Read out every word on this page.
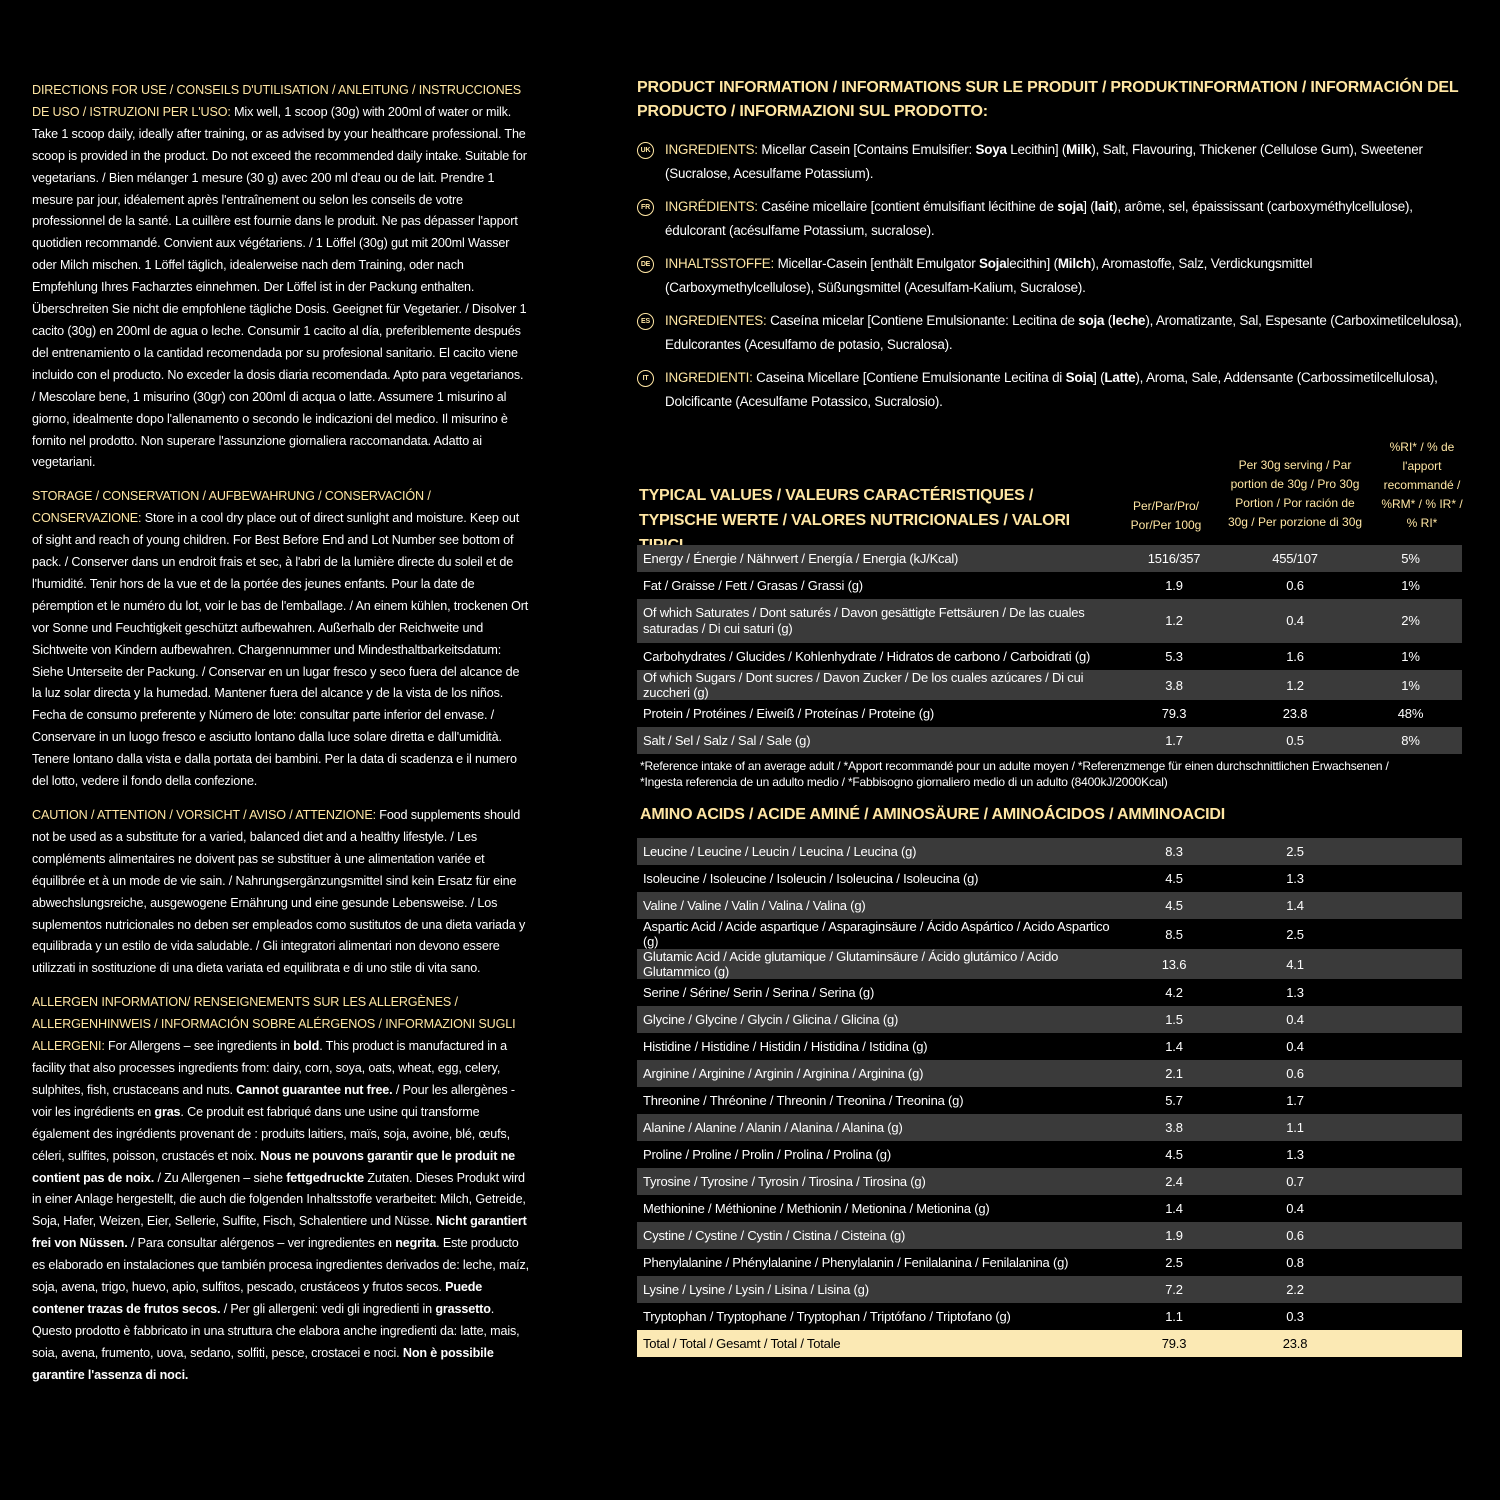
DIRECTIONS FOR USE / CONSEILS D'UTILISATION / ANLEITUNG / INSTRUCCIONES DE USO / ISTRUZIONI PER L'USO: Mix well, 1 scoop (30g) with 200ml of water or milk. Take 1 scoop daily, ideally after training, or as advised by your healthcare professional. The scoop is provided in the product. Do not exceed the recommended daily intake. Suitable for vegetarians. / Bien mélanger 1 mesure (30 g) avec 200 ml d'eau ou de lait. Prendre 1 mesure par jour, idéalement après l'entraînement ou selon les conseils de votre professionnel de la santé. La cuillère est fournie dans le produit. Ne pas dépasser l'apport quotidien recommandé. Convient aux végétariens. / 1 Löffel (30g) gut mit 200ml Wasser oder Milch mischen. 1 Löffel täglich, idealerweise nach dem Training, oder nach Empfehlung Ihres Facharztes einnehmen. Der Löffel ist in der Packung enthalten. Überschreiten Sie nicht die empfohlene tägliche Dosis. Geeignet für Vegetarier. / Disolver 1 cacito (30g) en 200ml de agua o leche. Consumir 1 cacito al día, preferiblemente después del entrenamiento o la cantidad recomendada por su profesional sanitario. El cacito viene incluido con el producto. No exceder la dosis diaria recomendada. Apto para vegetarianos. / Mescolare bene, 1 misurino (30gr) con 200ml di acqua o latte. Assumere 1 misurino al giorno, idealmente dopo l'allenamento o secondo le indicazioni del medico. Il misurino è fornito nel prodotto. Non superare l'assunzione giornaliera raccomandata. Adatto ai vegetariani.

STORAGE / CONSERVATION / AUFBEWAHRUNG / CONSERVACIÓN / CONSERVAZIONE: Store in a cool dry place out of direct sunlight and moisture. Keep out of sight and reach of young children. For Best Before End and Lot Number see bottom of pack. / Conserver dans un endroit frais et sec, à l'abri de la lumière directe du soleil et de l'humidité. Tenir hors de la vue et de la portée des jeunes enfants. Pour la date de péremption et le numéro du lot, voir le bas de l'emballage. / An einem kühlen, trockenen Ort vor Sonne und Feuchtigkeit geschützt aufbewahren. Außerhalb der Reichweite und Sichtweite von Kindern aufbewahren. Chargennummer und Mindesthaltbarkeitsdatum: Siehe Unterseite der Packung. / Conservar en un lugar fresco y seco fuera del alcance de la luz solar directa y la humedad. Mantener fuera del alcance y de la vista de los niños. Fecha de consumo preferente y Número de lote: consultar parte inferior del envase. / Conservare in un luogo fresco e asciutto lontano dalla luce solare diretta e dall'umidità. Tenere lontano dalla vista e dalla portata dei bambini. Per la data di scadenza e il numero del lotto, vedere il fondo della confezione.

CAUTION / ATTENTION / VORSICHT / AVISO / ATTENZIONE: Food supplements should not be used as a substitute for a varied, balanced diet and a healthy lifestyle. / Les compléments alimentaires ne doivent pas se substituer à une alimentation variée et équilibrée et à un mode de vie sain. / Nahrungsergänzungsmittel sind kein Ersatz für eine abwechslungsreiche, ausgewogene Ernährung und eine gesunde Lebensweise. / Los suplementos nutricionales no deben ser empleados como sustitutos de una dieta variada y equilibrada y un estilo de vida saludable. / Gli integratori alimentari non devono essere utilizzati in sostituzione di una dieta variata ed equilibrata e di uno stile di vita sano.

ALLERGEN INFORMATION/ RENSEIGNEMENTS SUR LES ALLERGÈNES / ALLERGENHINWEIS / INFORMACIÓN SOBRE ALÉRGENOS / INFORMAZIONI SUGLI ALLERGENI: For Allergens – see ingredients in bold. This product is manufactured in a facility that also processes ingredients from: dairy, corn, soya, oats, wheat, egg, celery, sulphites, fish, crustaceans and nuts. Cannot guarantee nut free. / Pour les allergènes - voir les ingrédients en gras. Ce produit est fabriqué dans une usine qui transforme également des ingrédients provenant de : produits laitiers, maïs, soja, avoine, blé, œufs, céleri, sulfites, poisson, crustacés et noix. Nous ne pouvons garantir que le produit ne contient pas de noix. / Zu Allergenen – siehe fettgedruckte Zutaten. Dieses Produkt wird in einer Anlage hergestellt, die auch die folgenden Inhaltsstoffe verarbeitet: Milch, Getreide, Soja, Hafer, Weizen, Eier, Sellerie, Sulfite, Fisch, Schalentiere und Nüsse. Nicht garantiert frei von Nüssen. / Para consultar alérgenos – ver ingredientes en negrita. Este producto es elaborado en instalaciones que también procesa ingredientes derivados de: leche, maíz, soja, avena, trigo, huevo, apio, sulfitos, pescado, crustáceos y frutos secos. Puede contener trazas de frutos secos. / Per gli allergeni: vedi gli ingredienti in grassetto. Questo prodotto è fabbricato in una struttura che elabora anche ingredienti da: latte, mais, soia, avena, frumento, uova, sedano, solfiti, pesce, crostacei e noci. Non è possibile garantire l'assenza di noci.

PRODUCT INFORMATION / INFORMATIONS SUR LE PRODUIT / PRODUKTINFORMATION / INFORMACIÓN DEL PRODUCTO / INFORMAZIONI SUL PRODOTTO:
UK INGREDIENTS: Micellar Casein [Contains Emulsifier: Soya Lecithin] (Milk), Salt, Flavouring, Thickener (Cellulose Gum), Sweetener (Sucralose, Acesulfame Potassium).
FR	INGRÉDIENTS: Caséine micellaire [contient émulsifiant lécithine de soja] (lait), arôme, sel, épaississant (carboxyméthylcellulose), édulcorant (acésulfame Potassium, sucralose).
DE INHALTSSTOFFE: Micellar-Casein [enthält Emulgator Sojalecithin] (Milch), Aromastoffe, Salz, Verdickungsmittel (Carboxymethylcellulose), Süßungsmittel (Acesulfam-Kalium, Sucralose).
ES	INGREDIENTES: Caseína micelar [Contiene Emulsionante: Lecitina de soja (leche), Aromatizante, Sal, Espesante (Carboximetilcelulosa), Edulcorantes (Acesulfamo de potasio, Sucralosa).
IT	INGREDIENTI: Caseina Micellare [Contiene Emulsionante Lecitina di Soia] (Latte), Aroma, Sale, Addensante (Carbossimetilcellulosa), Dolcificante (Acesulfame Potassico, Sucralosio).
TYPICAL VALUES / VALEURS CARACTÉRISTIQUES / TYPISCHE WERTE / VALORES NUTRICIONALES / VALORI
Per/Par/Pro/ Por/Per 100g
Per 30g serving / Par portion de 30g / Pro 30g Portion / Por ración de 30g / Per porzione di 30g
%RI* / % de l'apport recommandé / %RM* / % IR* / % RI*
Energy / Énergie / Nährwert / Energía / Energia (kJ/Kcal)	1516/357	455/107	5%
Fat / Graisse / Fett / Grasas / Grassi (g)	1.9	0.6	1%
Of which Saturates / Dont saturés / Davon gesättigte Fettsäuren / De las cuales saturadas / Di cui saturi (g)	1.2	0.4	2%
Carbohydrates / Glucides / Kohlenhydrate / Hidratos de carbono / Carboidrati (g)	5.3	1.6	1%
Of which Sugars / Dont sucres / Davon Zucker / De los cuales azúcares / Di cui zuccheri (g)	3.8	1.2	1%
Protein / Protéines / Eiweiß / Proteínas / Proteine (g)	79.3	23.8	48%
Salt / Sel / Salz / Sal / Sale (g)	1.7	0.5	8%
*Reference intake of an average adult / *Apport recommandé pour un adulte moyen / *Referenzmenge für einen durchschnittlichen Erwachsenen / *Ingesta referencia de un adulto medio / *Fabbisogno giornaliero medio di un adulto (8400kJ/2000Kcal)
AMINO ACIDS / ACIDE AMINÉ / AMINOSÄURE / AMINOÁCIDOS / AMMINOACIDI
Leucine / Leucine / Leucin / Leucina / Leucina (g)	8.3	2.5	
Isoleucine / Isoleucine / Isoleucin / Isoleucina / Isoleucina (g)	4.5	1.3	
Valine / Valine / Valin / Valina / Valina (g)	4.5	1.4	
Aspartic Acid / Acide aspartique / Asparaginsäure / Ácido Aspártico / Acido Aspartico (g)	8.5	2.5	
Glutamic Acid / Acide glutamique / Glutaminsäure / Ácido glutámico / Acido Glutammico (g)	13.6	4.1	
Serine / Sérine/ Serin / Serina / Serina (g)	4.2	1.3	
Glycine / Glycine / Glycin / Glicina / Glicina (g)	1.5	0.4	
Histidine / Histidine / Histidin / Histidina / Istidina (g)	1.4	0.4	
Arginine / Arginine / Arginin / Arginina / Arginina (g)	2.1	0.6	
Threonine / Thréonine / Threonin / Treonina / Treonina (g)	5.7	1.7	
Alanine / Alanine / Alanin / Alanina / Alanina (g)	3.8	1.1	
Proline / Proline / Prolin / Prolina / Prolina (g)	4.5	1.3	
Tyrosine / Tyrosine / Tyrosin / Tirosina / Tirosina (g)	2.4	0.7	
Methionine / Méthionine / Methionin / Metionina / Metionina (g)	1.4	0.4	
Cystine / Cystine / Cystin / Cistina / Cisteina (g)	1.9	0.6	
Phenylalanine / Phénylalanine / Phenylalanin / Fenilalanina / Fenilalanina (g)	2.5	0.8	
Lysine / Lysine / Lysin / Lisina / Lisina (g)	7.2	2.2	
Tryptophan / Tryptophane / Tryptophan / Triptófano / Triptofano (g)	1.1	0.3	
Total / Total / Gesamt / Total / Totale	79.3	23.8	
